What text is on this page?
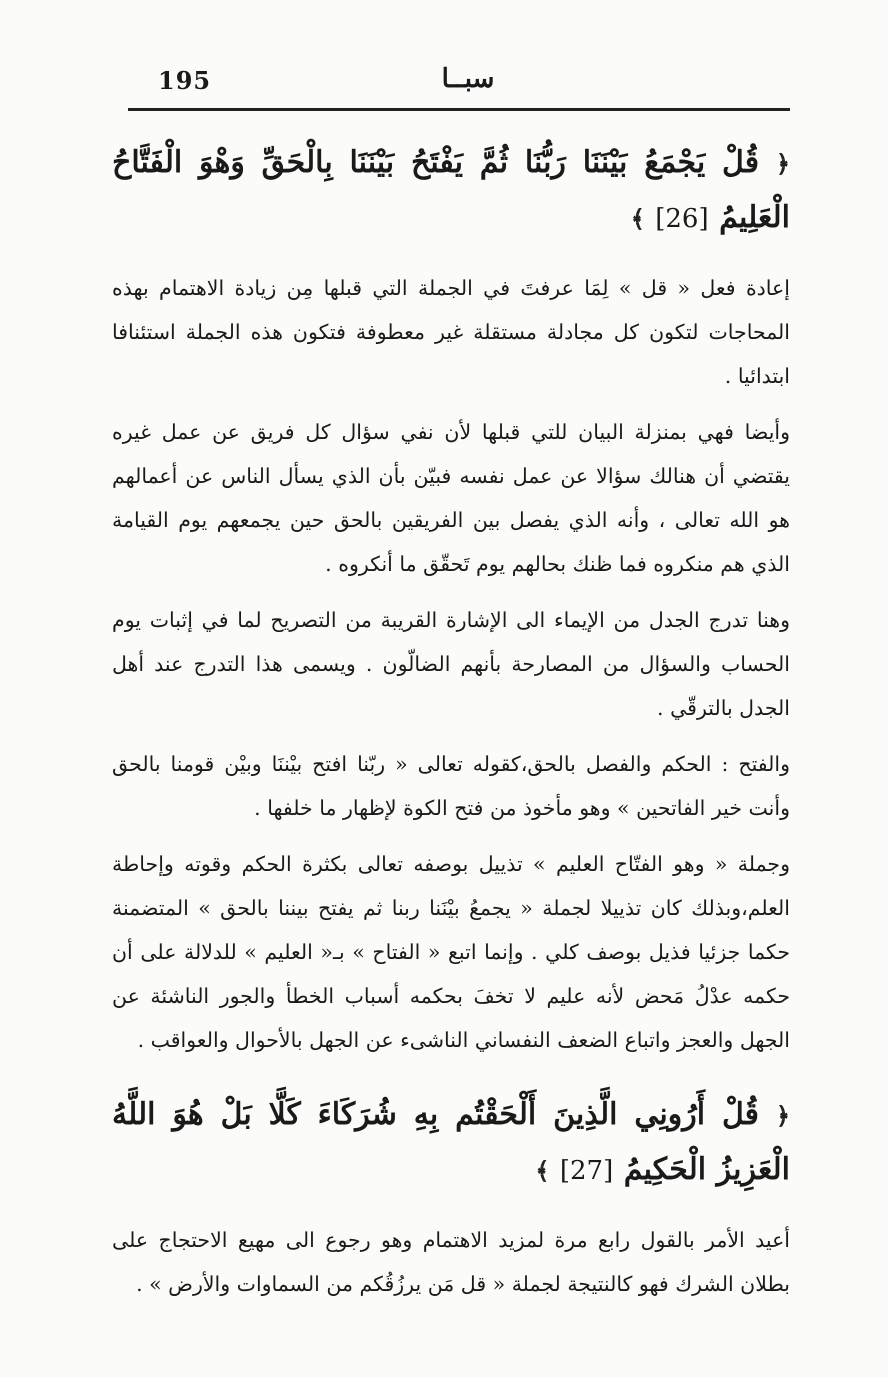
195	سبــا

﴿ قُلْ يَجْمَعُ بَيْنَنَا رَبُّنَا ثُمَّ يَفْتَحُ بَيْنَنَا بِالْحَقِّ وَهْوَ الْفَتَّاحُ الْعَلِيمُ [26] ﴾

إعادة فعل « قل » لِمَا عرفتَ في الجملة التي قبلها مِن زيادة الاهتمام بهذه المحاجات لتكون كل مجادلة مستقلة غير معطوفة فتكون هذه الجملة استئنافا ابتدائيا .

وأيضا فهي بمنزلة البيان للتي قبلها لأن نفي سؤال كل فريق عن عمل غيره يقتضي أن هنالك سؤالا عن عمل نفسه فبيّن بأن الذي يسأل الناس عن أعمالهم هو الله تعالى ، وأنه الذي يفصل بين الفريقين بالحق حين يجمعهم يوم القيامة الذي هم منكروه فما ظنك بحالهم يوم تَحقّق ما أنكروه .

وهنا تدرج الجدل من الإيماء الى الإشارة القريبة من التصريح لما في إثبات يوم الحساب والسؤال من المصارحة بأنهم الضالّون . ويسمى هذا التدرج عند أهل الجدل بالترقّي .

والفتح : الحكم والفصل بالحق،كقوله تعالى « ربّنا افتح بيْننَا وبيْن قومنا بالحق وأنت خير الفاتحين » وهو مأخوذ من فتح الكوة لإظهار ما خلفها .

وجملة « وهو الفتّاح العليم » تذييل بوصفه تعالى بكثرة الحكم وقوته وإحاطة العلم،وبذلك كان تذييلا لجملة « يجمعُ بيْنَنا ربنا ثم يفتح بيننا بالحق » المتضمنة حكما جزئيا فذيل بوصف كلي . وإنما اتبع « الفتاح » بـ« العليم » للدلالة على أن حكمه عدْلُ مَحض لأنه عليم لا تخفَ بحكمه أسباب الخطأ والجور الناشئة عن الجهل والعجز واتباع الضعف النفساني الناشىء عن الجهل بالأحوال والعواقب .

﴿ قُلْ أَرُونِي الَّذِينَ أَلْحَقْتُم بِهِ شُرَكَاءَ كَلَّا بَلْ هُوَ اللَّهُ الْعَزِيزُ الْحَكِيمُ [27] ﴾

أعيد الأمر بالقول رابع مرة لمزيد الاهتمام وهو رجوع الى مهيع الاحتجاج على بطلان الشرك فهو كالنتيجة لجملة « قل مَن يرزُقُكم من السماوات والأرض » .
